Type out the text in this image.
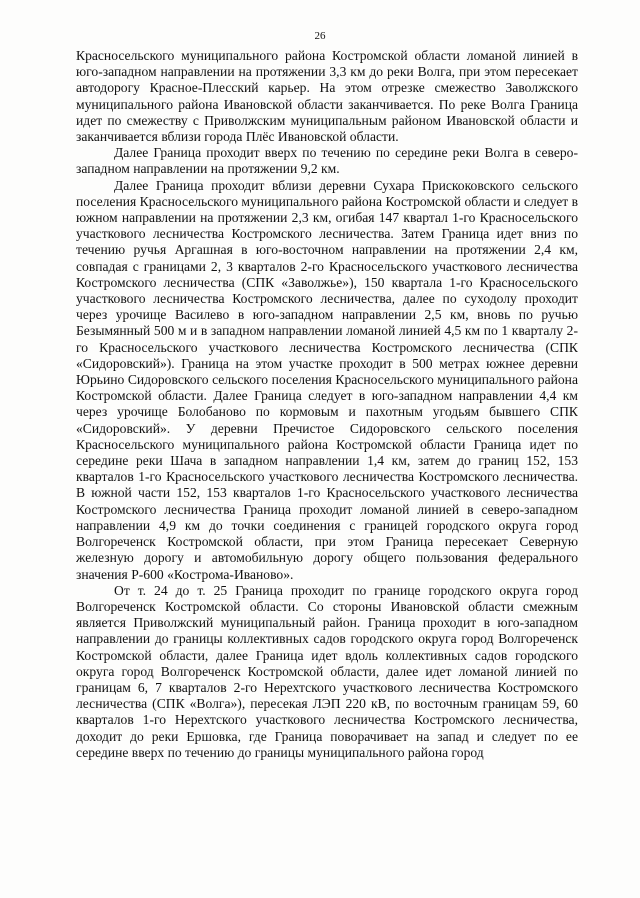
26

Красносельского муниципального района Костромской области ломаной линией в юго-западном направлении на протяжении 3,3 км до реки Волга, при этом пересекает автодорогу Красное-Плесский карьер. На этом отрезке смежество Заволжского муниципального района Ивановской области заканчивается. По реке Волга Граница идет по смежеству с Приволжским муниципальным районом Ивановской области и заканчивается вблизи города Плёс Ивановской области.

Далее Граница проходит вверх по течению по середине реки Волга в северо-западном направлении на протяжении 9,2 км.

Далее Граница проходит вблизи деревни Сухара Прискоковского сельского поселения Красносельского муниципального района Костромской области и следует в южном направлении на протяжении 2,3 км, огибая 147 квартал 1-го Красносельского участкового лесничества Костромского лесничества. Затем Граница идет вниз по течению ручья Аргашная в юго-восточном направлении на протяжении 2,4 км, совпадая с границами 2, 3 кварталов 2-го Красносельского участкового лесничества Костромского лесничества (СПК «Заволжье»), 150 квартала 1-го Красносельского участкового лесничества Костромского лесничества, далее по суходолу проходит через урочище Василево в юго-западном направлении 2,5 км, вновь по ручью Безымянный 500 м и в западном направлении ломаной линией 4,5 км по 1 кварталу 2-го Красносельского участкового лесничества Костромского лесничества (СПК «Сидоровский»). Граница на этом участке проходит в 500 метрах южнее деревни Юрьино Сидоровского сельского поселения Красносельского муниципального района Костромской области. Далее Граница следует в юго-западном направлении 4,4 км через урочище Болобаново по кормовым и пахотным угодьям бывшего СПК «Сидоровский». У деревни Пречистое Сидоровского сельского поселения Красносельского муниципального района Костромской области Граница идет по середине реки Шача в западном направлении 1,4 км, затем до границ 152, 153 кварталов 1-го Красносельского участкового лесничества Костромского лесничества. В южной части 152, 153 кварталов 1-го Красносельского участкового лесничества Костромского лесничества Граница проходит ломаной линией в северо-западном направлении 4,9 км до точки соединения с границей городского округа город Волгореченск Костромской области, при этом Граница пересекает Северную железную дорогу и автомобильную дорогу общего пользования федерального значения Р-600 «Кострома-Иваново».

От т. 24 до т. 25 Граница проходит по границе городского округа город Волгореченск Костромской области. Со стороны Ивановской области смежным является Приволжский муниципальный район. Граница проходит в юго-западном направлении до границы коллективных садов городского округа город Волгореченск Костромской области, далее Граница идет вдоль коллективных садов городского округа город Волгореченск Костромской области, далее идет ломаной линией по границам 6, 7 кварталов 2-го Нерехтского участкового лесничества Костромского лесничества (СПК «Волга»), пересекая ЛЭП 220 кВ, по восточным границам 59, 60 кварталов 1-го Нерехтского участкового лесничества Костромского лесничества, доходит до реки Ершовка, где Граница поворачивает на запад и следует по ее середине вверх по течению до границы муниципального района город
